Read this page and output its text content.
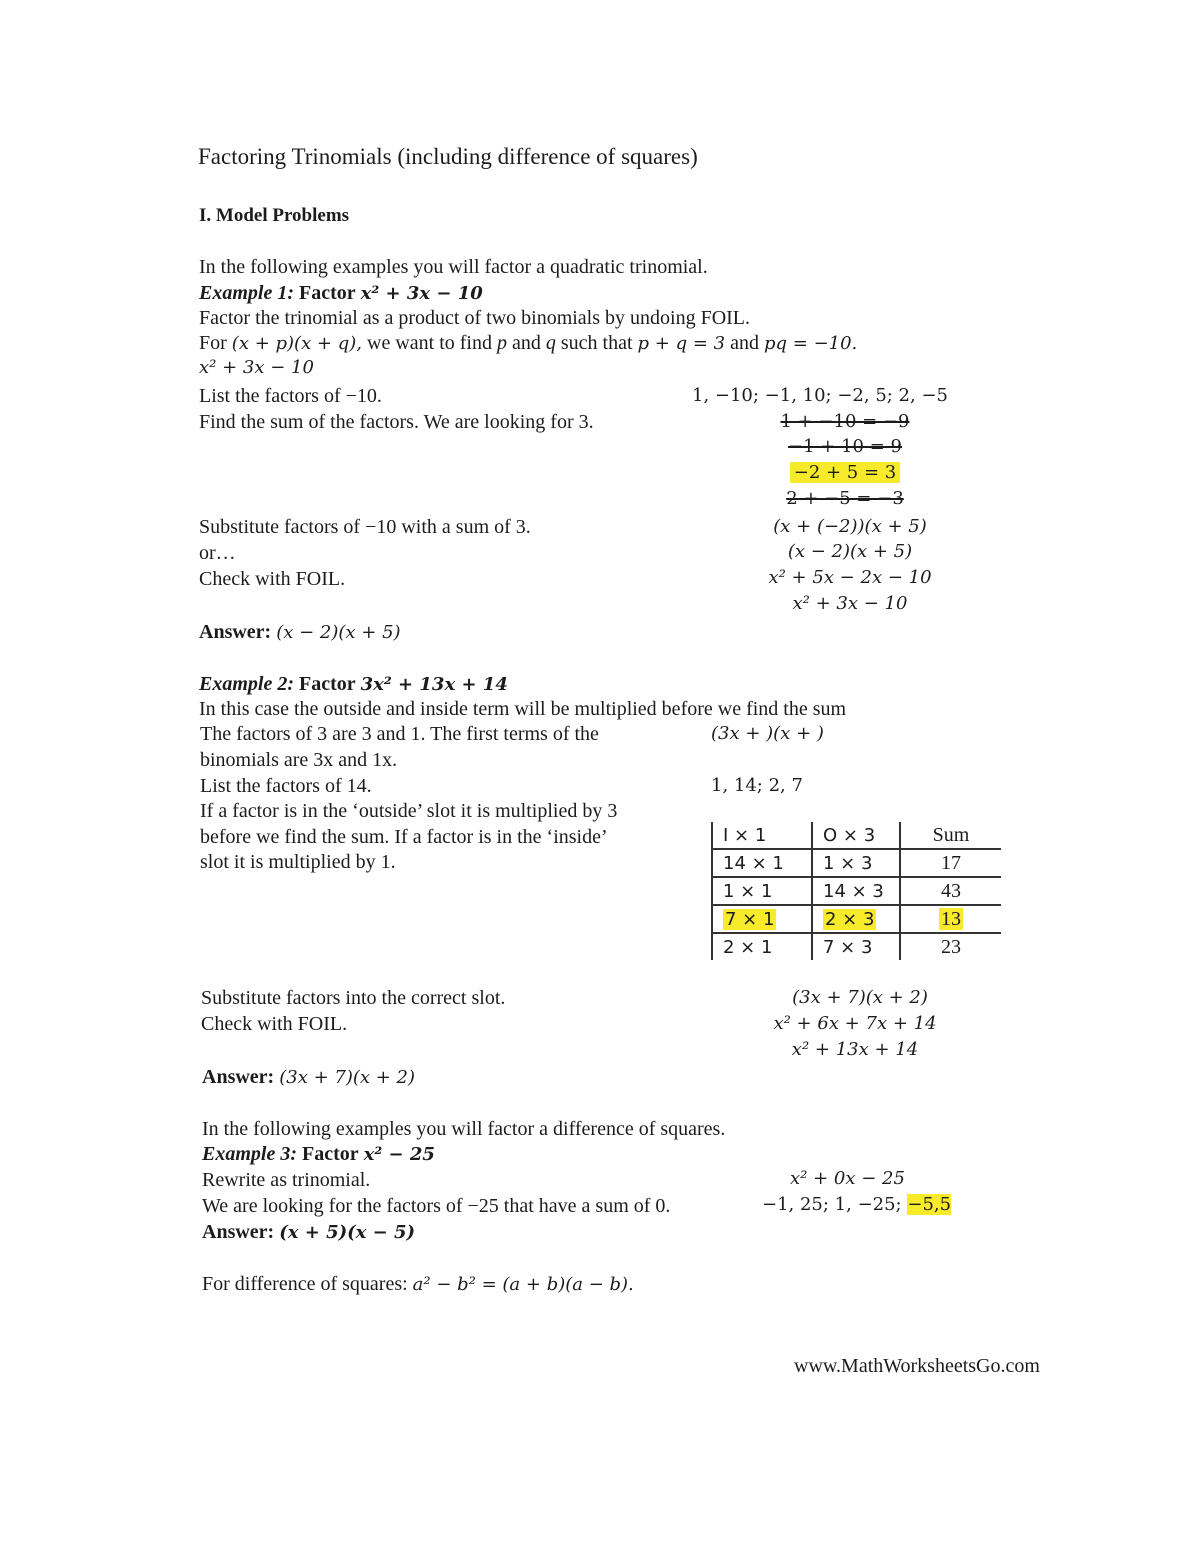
Factoring Trinomials (including difference of squares)
I. Model Problems
In the following examples you will factor a quadratic trinomial.
Example 1: Factor x² + 3x − 10
Factor the trinomial as a product of two binomials by undoing FOIL.
For (x + p)(x + q), we want to find p and q such that p + q = 3 and pq = −10.
x² + 3x − 10
List the factors of −10.	1, −10; −1, 10; −2, 5; 2, −5
Find the sum of the factors. We are looking for 3.	1 + −10 = −9
−1 + 10 = 9
−2 + 5 = 3
2 + −5 = −3
Substitute factors of −10 with a sum of 3.	(x + (−2))(x + 5)
or…	(x − 2)(x + 5)
Check with FOIL.	x² + 5x − 2x − 10
x² + 3x − 10
Answer: (x − 2)(x + 5)
Example 2: Factor 3x² + 13x + 14
In this case the outside and inside term will be multiplied before we find the sum
The factors of 3 are 3 and 1. The first terms of the	(3x + )(x + )
binomials are 3x and 1x.
List the factors of 14.	1, 14; 2, 7
If a factor is in the ‘outside’ slot it is multiplied by 3
before we find the sum. If a factor is in the ‘inside’
slot it is multiplied by 1.
I × 1	O × 3	Sum
14 × 1	1 × 3	17
1 × 1	14 × 3	43
7 × 1	2 × 3	13
2 × 1	7 × 3	23
Substitute factors into the correct slot.	(3x + 7)(x + 2)
Check with FOIL.	x² + 6x + 7x + 14
x² + 13x + 14
Answer: (3x + 7)(x + 2)
In the following examples you will factor a difference of squares.
Example 3: Factor x² − 25
Rewrite as trinomial.	x² + 0x − 25
We are looking for the factors of −25 that have a sum of 0.	−1, 25; 1, −25; −5,5
Answer: (x + 5)(x − 5)
For difference of squares: a² − b² = (a + b)(a − b).
www.MathWorksheetsGo.com
